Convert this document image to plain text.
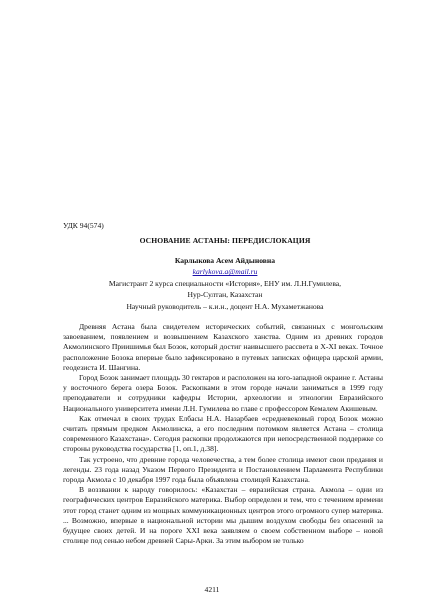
УДК 94(574)
ОСНОВАНИЕ АСТАНЫ: ПЕРЕДИСЛОКАЦИЯ
Карлыкова Асем Айдыновна
karlykova.a@mail.ru
Магистрант 2 курса специальности «История», ЕНУ им. Л.Н.Гумилева,
Нур-Султан, Казахстан
Научный руководитель – к.и.н., доцент Н.А. Мухаметжанова

Древняя Астана была свидетелем исторических событий, связанных с монгольским завоеванием, появлением и возвышением Казахского ханства. Одним из древних городов Акмолинского Приишимья был Бозок, который достиг наивысшего рассвета в X-XI веках. Точное расположение Бозока впервые было зафиксировано в путевых записках офицера царской армии, геодезиста И. Шангина.

Город Бозок занимает площадь 30 гектаров и расположен на юго-западной окраине г. Астаны у восточного берега озера Бозок. Раскопками в этом городе начали заниматься в 1999 году преподаватели и сотрудники кафедры Истории, археологии и этнологии Евразийского Национального университета имени Л.Н. Гумилева во главе с профессором Кемалем Акишевым.

Как отмечал в своих трудах Елбасы Н.А. Назарбаев «средневековый город Бозок можно считать прямым предком Акмолинска, а его последним потомком является Астана – столица современного Казахстана». Сегодня раскопки продолжаются при непосредственной поддержке со стороны руководства государства [1, оп.1, д.38].

Так устроено, что древние города человечества, а тем более столица имеют свои предания и легенды. 23 года назад Указом Первого Президента и Постановлением Парламента Республики города Акмола с 10 декабря 1997 года была объявлена столицей Казахстана.

В воззвании к народу говорилось: «Казахстан – евразийская страна. Акмола – одни из географических центров Евразийского материка. Выбор определен и тем, что с течением времени этот город станет одним из мощных коммуникационных центров этого огромного супер материка. ... Возможно, впервые в национальной истории мы дышим воздухом свободы без опасений за будущее своих детей. И на пороге XXI века заявляем о своем собственном выборе – новой столице под сенью небом древней Сары-Арки. За этим выбором не только

4211
